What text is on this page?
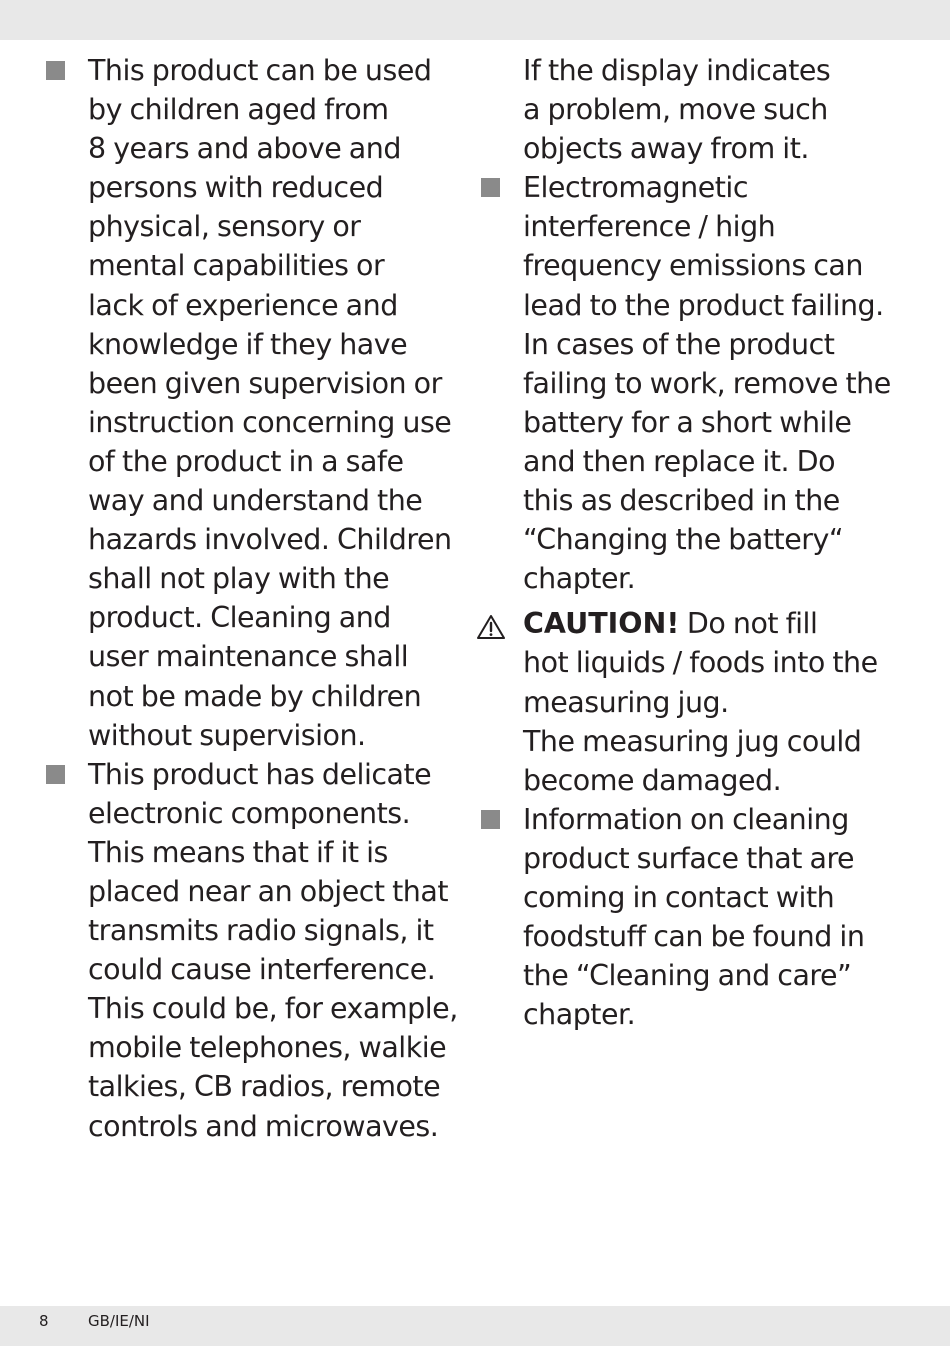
This product can be used
by children aged from
8 years and above and
persons with reduced
physical, sensory or
mental capabilities or
lack of experience and
knowledge if they have
been given supervision or
instruction concerning use
of the product in a safe
way and understand the
hazards involved. Children
shall not play with the
product. Cleaning and
user maintenance shall
not be made by children
without supervision.
This product has delicate
electronic components.
This means that if it is
placed near an object that
transmits radio signals, it
could cause interference.
This could be, for example,
mobile telephones, walkie
talkies, CB radios, remote
controls and microwaves.
If the display indicates
a problem, move such
objects away from it.
Electromagnetic
interference / high
frequency emissions can
lead to the product failing.
In cases of the product
failing to work, remove the
battery for a short while
and then replace it. Do
this as described in the
“Changing the battery“
chapter.
CAUTION! Do not fill
hot liquids / foods into the
measuring jug.
The measuring jug could
become damaged.
Information on cleaning
product surface that are
coming in contact with
foodstuff can be found in
the “Cleaning and care”
chapter.
8	GB/IE/NI
